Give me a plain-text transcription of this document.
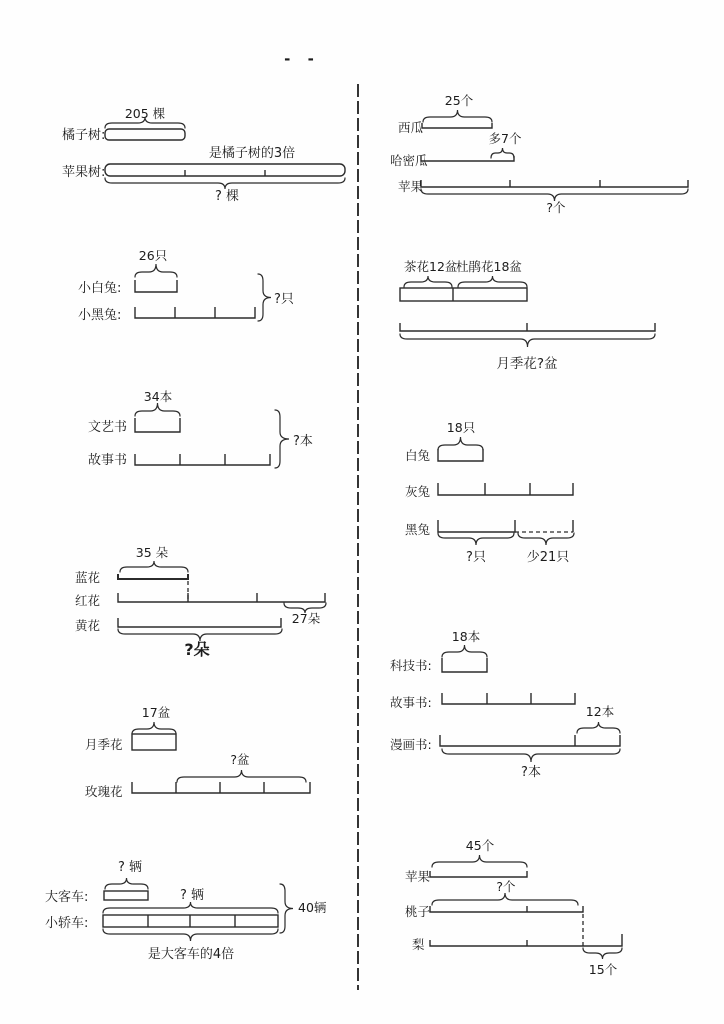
- -
205 棵
橘子树:
是橘子树的3倍
苹果树:
? 棵
26只
小白兔:
小黑兔:
?只
34本
文艺书
故事书
?本
35 朵
蓝花
红花
27朵
黄花
?朵
17盆
月季花
?盆
玫瑰花
? 辆
大客车:	? 辆
小轿车:
是大客车的4倍
40辆
25个
西瓜
多7个
哈密瓜
苹果
?个
茶花12盆
杜鹃花18盆
月季花?盆
18只
白兔
灰兔
黑兔
?只	少21只
18本
科技书:
故事书:
12本
漫画书:
?本
45个
苹果
?个
桃子
梨
15个
